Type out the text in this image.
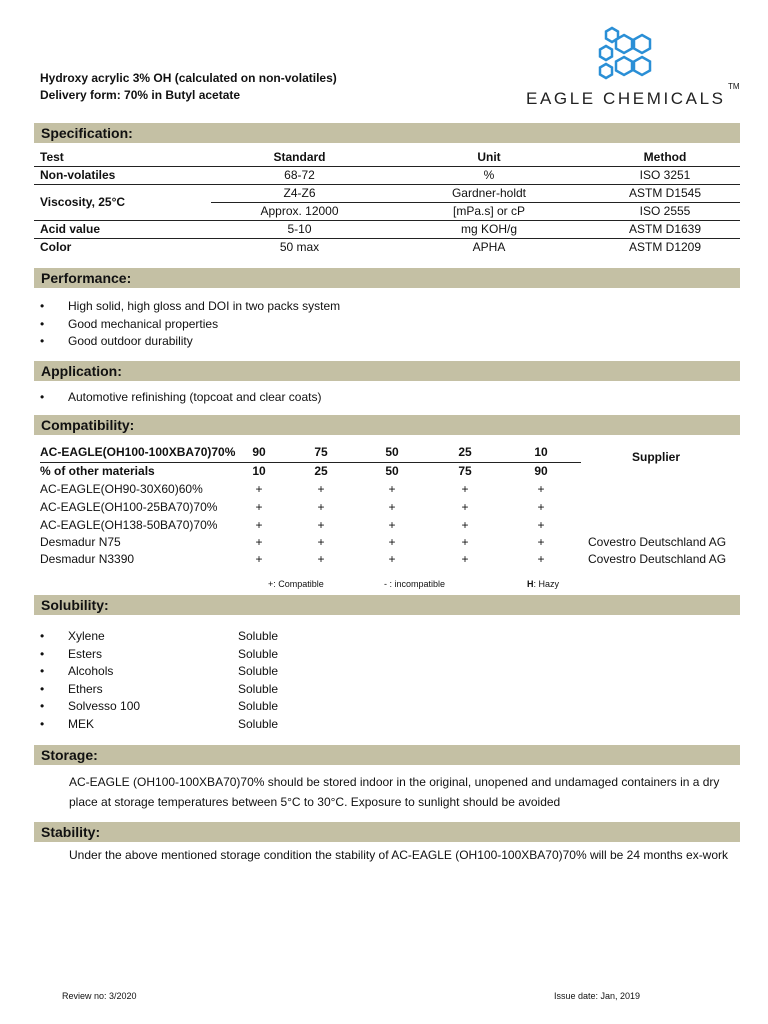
Hydroxy acrylic 3% OH (calculated on non-volatiles)
Delivery form: 70% in Butyl acetate	EAGLE CHEMICALS
TM
Specification:
Test	Standard	Unit	Method
Non-volatiles	68-72	%	ISO 3251
Viscosity, 25°C	Z4-Z6	Gardner-holdt	ASTM D1545
	Approx. 12000	[mPa.s] or cP	ISO 2555
Acid value	5-10	mg KOH/g	ASTM D1639
Color	50 max	APHA	ASTM D1209
Performance:
• High solid, high gloss and DOI in two packs system
• Good mechanical properties
• Good outdoor durability
Application:
• Automotive refinishing (topcoat and clear coats)
Compatibility:
AC-EAGLE(OH100-100XBA70)70%	90	75	50	25	10	Supplier
% of other materials	10	25	50	75	90
AC-EAGLE(OH90-30X60)60%	+	+	+	+	+
AC-EAGLE(OH100-25BA70)70%	+	+	+	+	+
AC-EAGLE(OH138-50BA70)70%	+	+	+	+	+
Desmadur N75	+	+	+	+	+	Covestro Deutschland AG
Desmadur N3390	+	+	+	+	+	Covestro Deutschland AG
+: Compatible	- : incompatible	H: Hazy
Solubility:
• Xylene	Soluble
• Esters	Soluble
• Alcohols	Soluble
• Ethers	Soluble
• Solvesso 100	Soluble
• MEK	Soluble
Storage:
AC-EAGLE (OH100-100XBA70)70% should be stored indoor in the original, unopened and undamaged containers in a dry place at storage temperatures between 5°C to 30°C. Exposure to sunlight should be avoided
Stability:
Under the above mentioned storage condition the stability of AC-EAGLE (OH100-100XBA70)70% will be 24 months ex-work
Review no: 3/2020	Issue date: Jan, 2019
